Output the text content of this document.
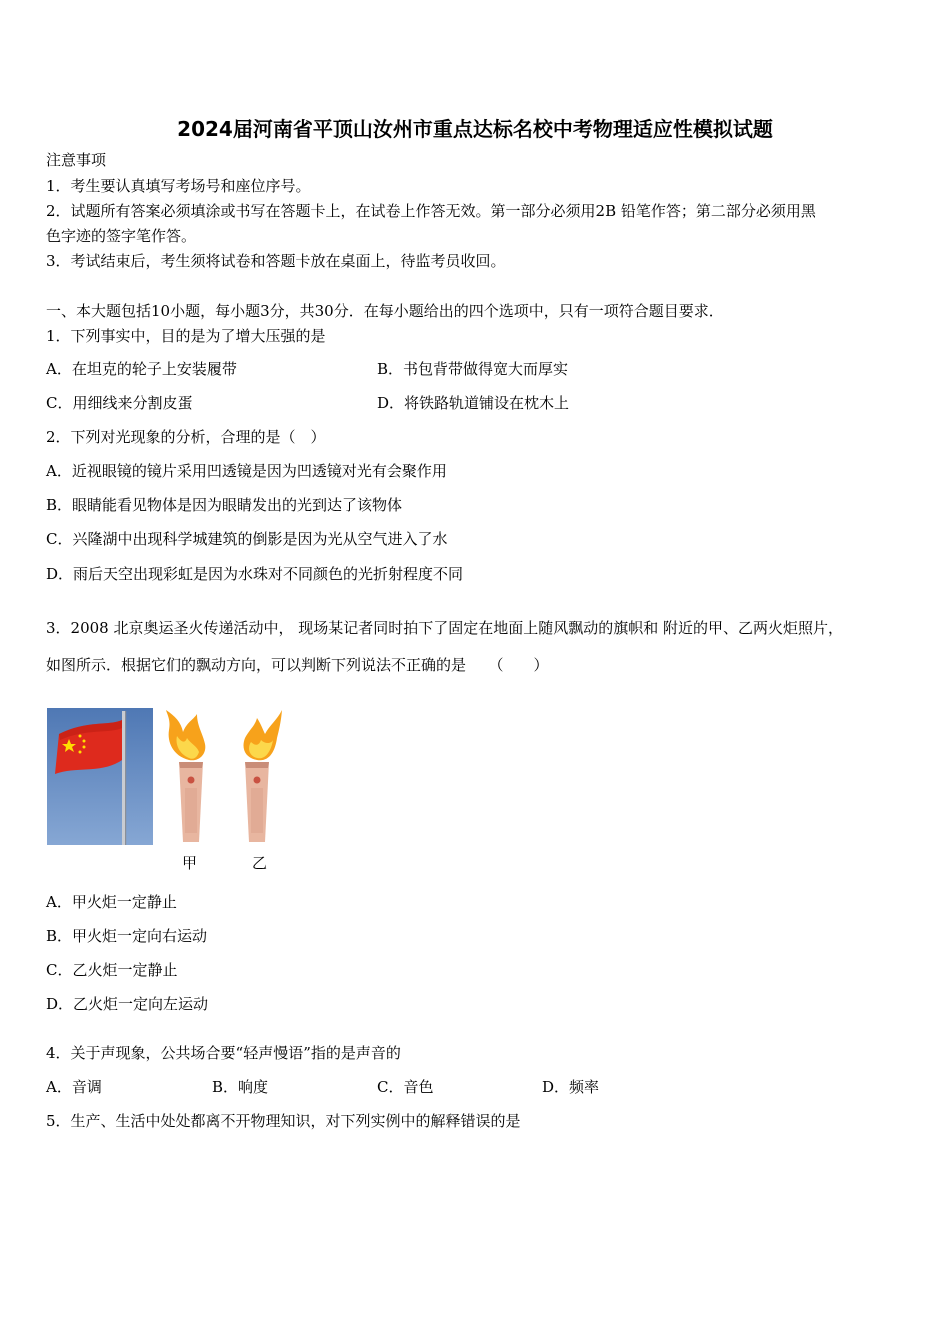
2024届河南省平顶山汝州市重点达标名校中考物理适应性模拟试题
注意事项
1．考生要认真填写考场号和座位序号。
2．试题所有答案必须填涂或书写在答题卡上，在试卷上作答无效。第一部分必须用2B 铅笔作答；第二部分必须用黑
色字迹的签字笔作答。
3．考试结束后，考生须将试卷和答题卡放在桌面上，待监考员收回。
一、本大题包括10小题，每小题3分，共30分．在每小题给出的四个选项中，只有一项符合题目要求．
1．下列事实中，目的是为了增大压强的是
A．在坦克的轮子上安装履带	B．书包背带做得宽大而厚实
C．用细线来分割皮蛋	D．将铁路轨道铺设在枕木上
2．下列对光现象的分析，合理的是（　）
A．近视眼镜的镜片采用凹透镜是因为凹透镜对光有会聚作用
B．眼睛能看见物体是因为眼睛发出的光到达了该物体
C．兴隆湖中出现科学城建筑的倒影是因为光从空气进入了水
D．雨后天空出现彩虹是因为水珠对不同颜色的光折射程度不同
3．2008 北京奥运圣火传递活动中， 现场某记者同时拍下了固定在地面上随风飘动的旗帜和 附近的甲、乙两火炬照片，
如图所示．根据它们的飘动方向，可以判断下列说法不正确的是　　（　　）
甲	乙
A．甲火炬一定静止
B．甲火炬一定向右运动
C．乙火炬一定静止
D．乙火炬一定向左运动
4．关于声现象，公共场合要“轻声慢语”指的是声音的
A．音调	B．响度	C．音色	D．频率
5．生产、生活中处处都离不开物理知识，对下列实例中的解释错误的是
